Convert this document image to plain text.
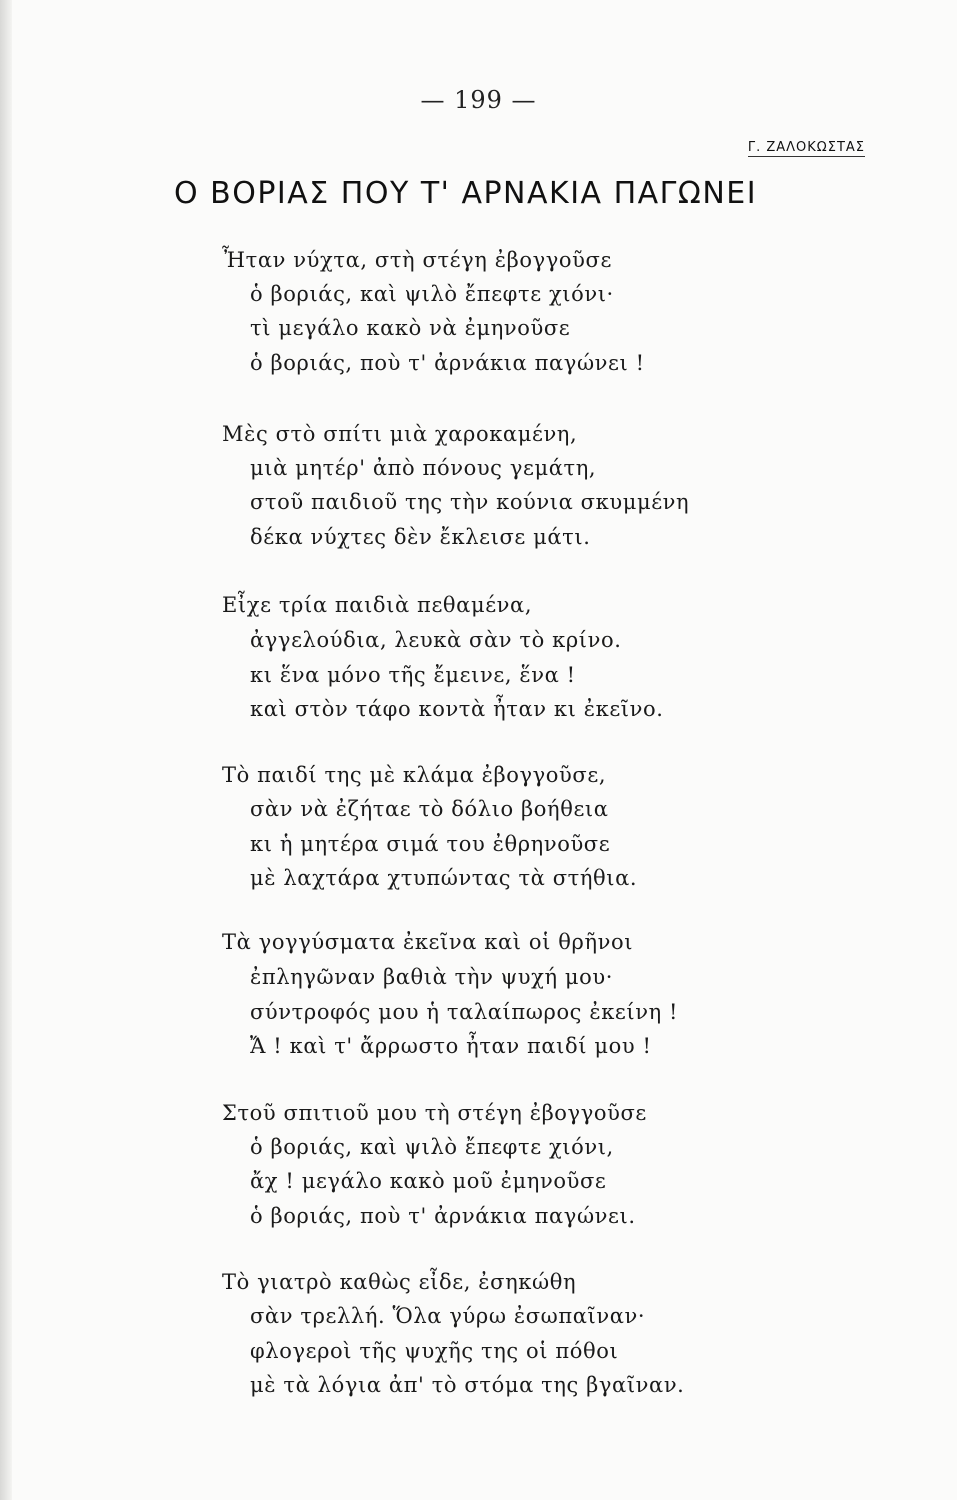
— 199 —
Γ. ΖΑΛΟΚΩΣΤΑΣ
Ο ΒΟΡΙΑΣ ΠΟΥ Τ' ΑΡΝΑΚΙΑ ΠΑΓΩΝΕΙ
Ἦταν νύχτα, στὴ στέγη ἐβογγοῦσε
ὁ βοριάς, καὶ ψιλὸ ἔπεφτε χιόνι·
τὶ μεγάλο κακὸ νὰ ἐμηνοῦσε
ὁ βοριάς, ποὺ τ' ἀρνάκια παγώνει !
Μὲς στὸ σπίτι μιὰ χαροκαμένη,
μιὰ μητέρ' ἀπὸ πόνους γεμάτη,
στοῦ παιδιοῦ της τὴν κούνια σκυμμένη
δέκα νύχτες δὲν ἔκλεισε μάτι.
Εἶχε τρία παιδιὰ πεθαμένα,
ἀγγελούδια, λευκὰ σὰν τὸ κρίνο.
κι ἕνα μόνο τῆς ἔμεινε, ἕνα !
καὶ στὸν τάφο κοντὰ ἦταν κι ἐκεῖνο.
Τὸ παιδί της μὲ κλάμα ἐβογγοῦσε,
σὰν νὰ ἐζήταε τὸ δόλιο βοήθεια
κι ἡ μητέρα σιμά του ἐθρηνοῦσε
μὲ λαχτάρα χτυπώντας τὰ στήθια.
Τὰ γογγύσματα ἐκεῖνα καὶ οἱ θρῆνοι
ἐπληγῶναν βαθιὰ τὴν ψυχή μου·
σύντροφός μου ἡ ταλαίπωρος ἐκείνη !
Ἄ ! καὶ τ' ἄρρωστο ἦταν παιδί μου !
Στοῦ σπιτιοῦ μου τὴ στέγη ἐβογγοῦσε
ὁ βοριάς, καὶ ψιλὸ ἔπεφτε χιόνι,
ἄχ ! μεγάλο κακὸ μοῦ ἐμηνοῦσε
ὁ βοριάς, ποὺ τ' ἀρνάκια παγώνει.
Τὸ γιατρὸ καθὼς εἶδε, ἐσηκώθη
σὰν τρελλή. Ὅλα γύρω ἐσωπαῖναν·
φλογεροὶ τῆς ψυχῆς της οἱ πόθοι
μὲ τὰ λόγια ἀπ' τὸ στόμα της βγαῖναν.
